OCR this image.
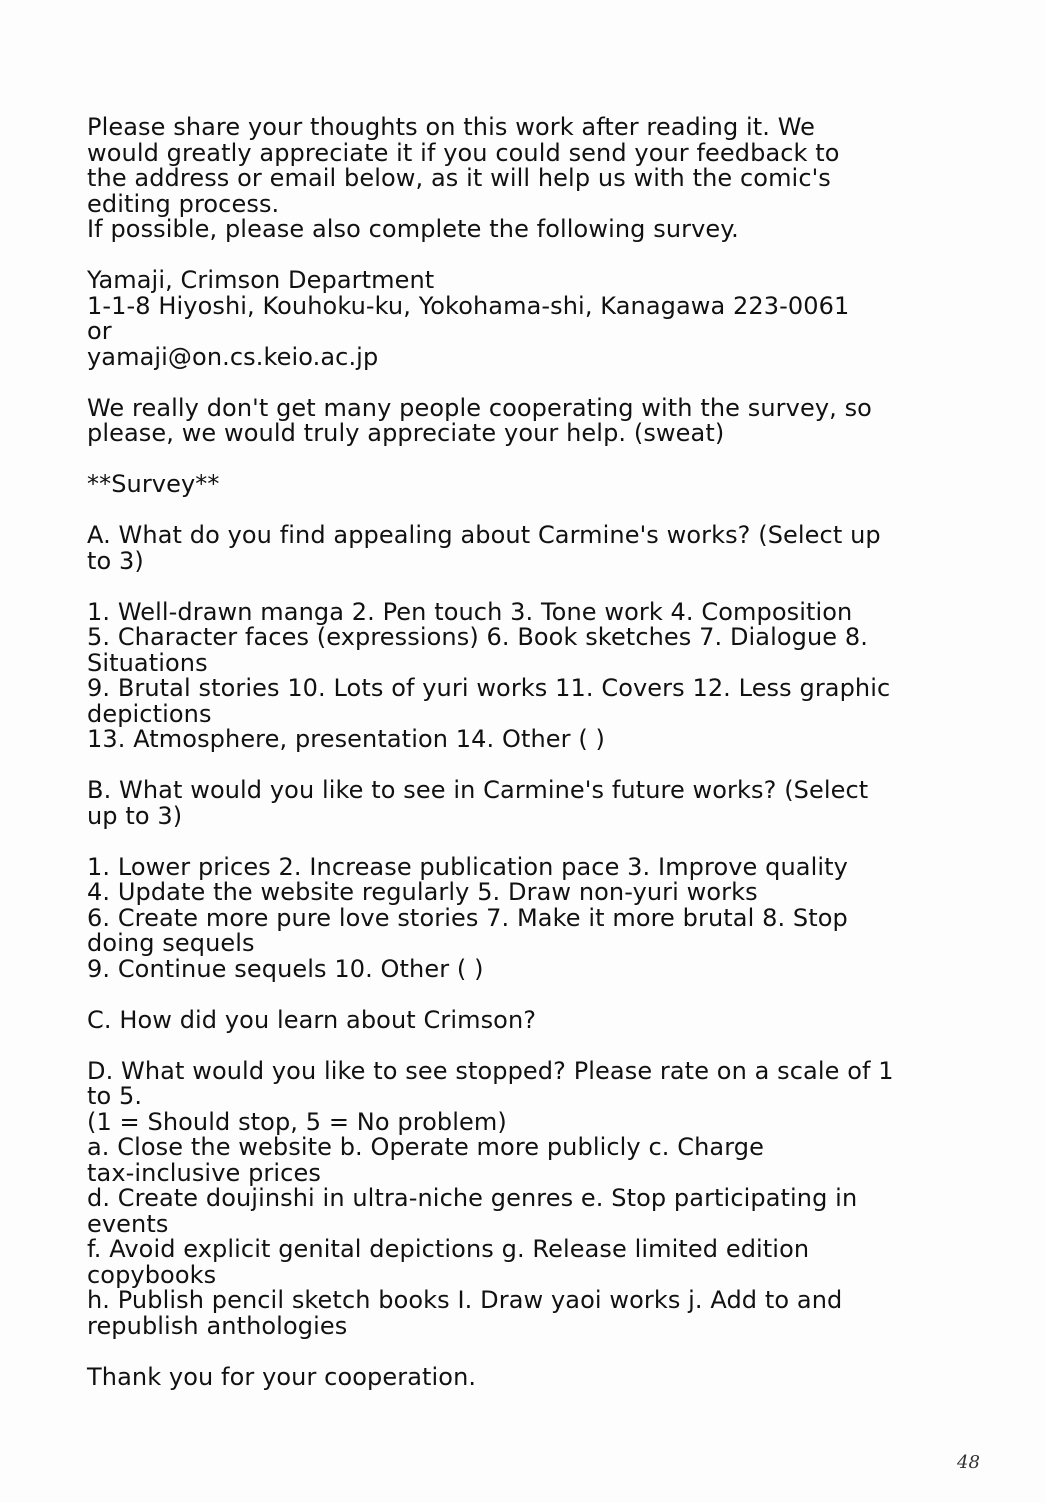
Please share your thoughts on this work after reading it. We
would greatly appreciate it if you could send your feedback to
the address or email below, as it will help us with the comic's
editing process.
If possible, please also complete the following survey.
Yamaji, Crimson Department
1-1-8 Hiyoshi, Kouhoku-ku, Yokohama-shi, Kanagawa 223-0061
or
yamaji@on.cs.keio.ac.jp
We really don't get many people cooperating with the survey, so
please, we would truly appreciate your help. (sweat)
**Survey**
A. What do you find appealing about Carmine's works? (Select up
to 3)
1. Well-drawn manga 2. Pen touch 3. Tone work 4. Composition
5. Character faces (expressions) 6. Book sketches 7. Dialogue 8.
Situations
9. Brutal stories 10. Lots of yuri works 11. Covers 12. Less graphic
depictions
13. Atmosphere, presentation 14. Other ( )
B. What would you like to see in Carmine's future works? (Select
up to 3)
1. Lower prices 2. Increase publication pace 3. Improve quality
4. Update the website regularly 5. Draw non-yuri works
6. Create more pure love stories 7. Make it more brutal 8. Stop
doing sequels
9. Continue sequels 10. Other ( )
C. How did you learn about Crimson?
D. What would you like to see stopped? Please rate on a scale of 1
to 5.
(1 = Should stop, 5 = No problem)
a. Close the website b. Operate more publicly c. Charge
tax-inclusive prices
d. Create doujinshi in ultra-niche genres e. Stop participating in
events
f. Avoid explicit genital depictions g. Release limited edition
copybooks
h. Publish pencil sketch books I. Draw yaoi works j. Add to and
republish anthologies
Thank you for your cooperation.
48
